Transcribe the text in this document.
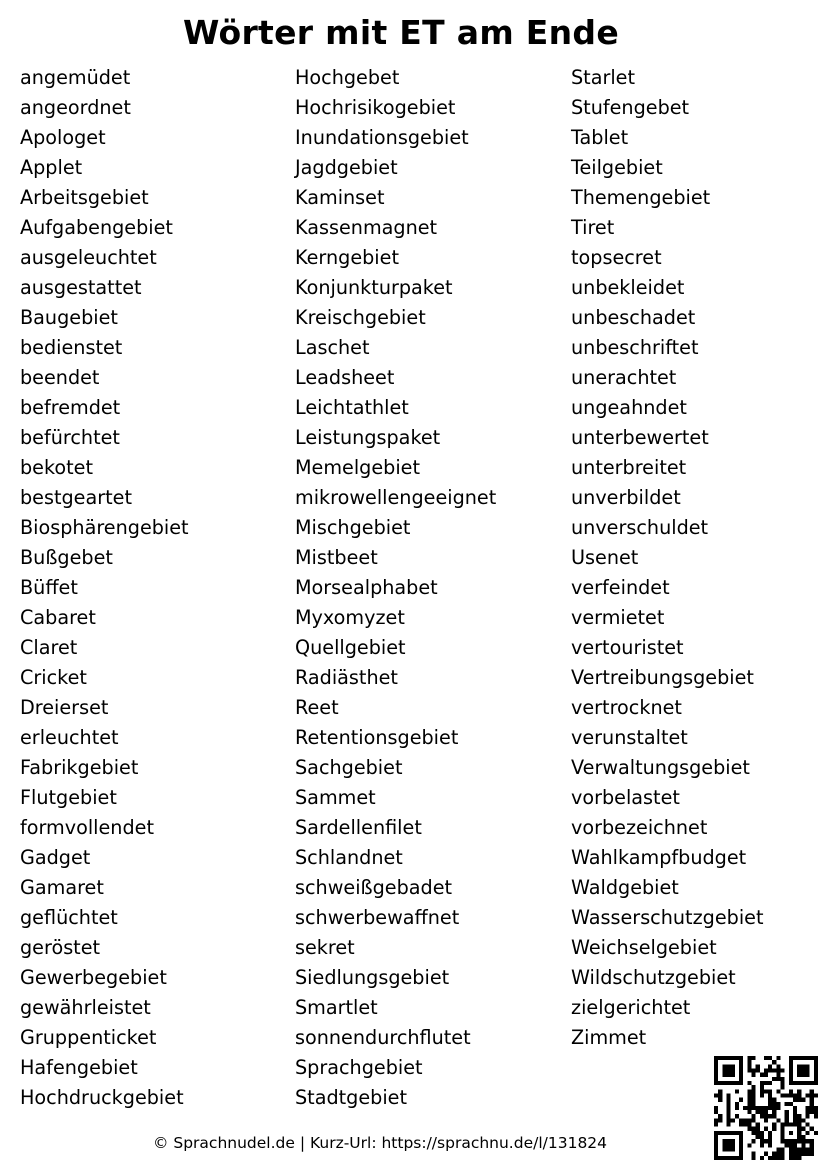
Wörter mit ET am Ende
angemüdet
angeordnet
Apologet
Applet
Arbeitsgebiet
Aufgabengebiet
ausgeleuchtet
ausgestattet
Baugebiet
bedienstet
beendet
befremdet
befürchtet
bekotet
bestgeartet
Biosphärengebiet
Bußgebet
Büffet
Cabaret
Claret
Cricket
Dreierset
erleuchtet
Fabrikgebiet
Flutgebiet
formvollendet
Gadget
Gamaret
geflüchtet
geröstet
Gewerbegebiet
gewährleistet
Gruppenticket
Hafengebiet
Hochdruckgebiet
Hochgebet
Hochrisikogebiet
Inundationsgebiet
Jagdgebiet
Kaminset
Kassenmagnet
Kerngebiet
Konjunkturpaket
Kreischgebiet
Laschet
Leadsheet
Leichtathlet
Leistungspaket
Memelgebiet
mikrowellengeeignet
Mischgebiet
Mistbeet
Morsealphabet
Myxomyzet
Quellgebiet
Radiästhet
Reet
Retentionsgebiet
Sachgebiet
Sammet
Sardellenfilet
Schlandnet
schweißgebadet
schwerbewaffnet
sekret
Siedlungsgebiet
Smartlet
sonnendurchflutet
Sprachgebiet
Stadtgebiet
Starlet
Stufengebet
Tablet
Teilgebiet
Themengebiet
Tiret
topsecret
unbekleidet
unbeschadet
unbeschriftet
unerachtet
ungeahndet
unterbewertet
unterbreitet
unverbildet
unverschuldet
Usenet
verfeindet
vermietet
vertouristet
Vertreibungsgebiet
vertrocknet
verunstaltet
Verwaltungsgebiet
vorbelastet
vorbezeichnet
Wahlkampfbudget
Waldgebiet
Wasserschutzgebiet
Weichselgebiet
Wildschutzgebiet
zielgerichtet
Zimmet
© Sprachnudel.de | Kurz-Url: https://sprachnu.de/l/131824
